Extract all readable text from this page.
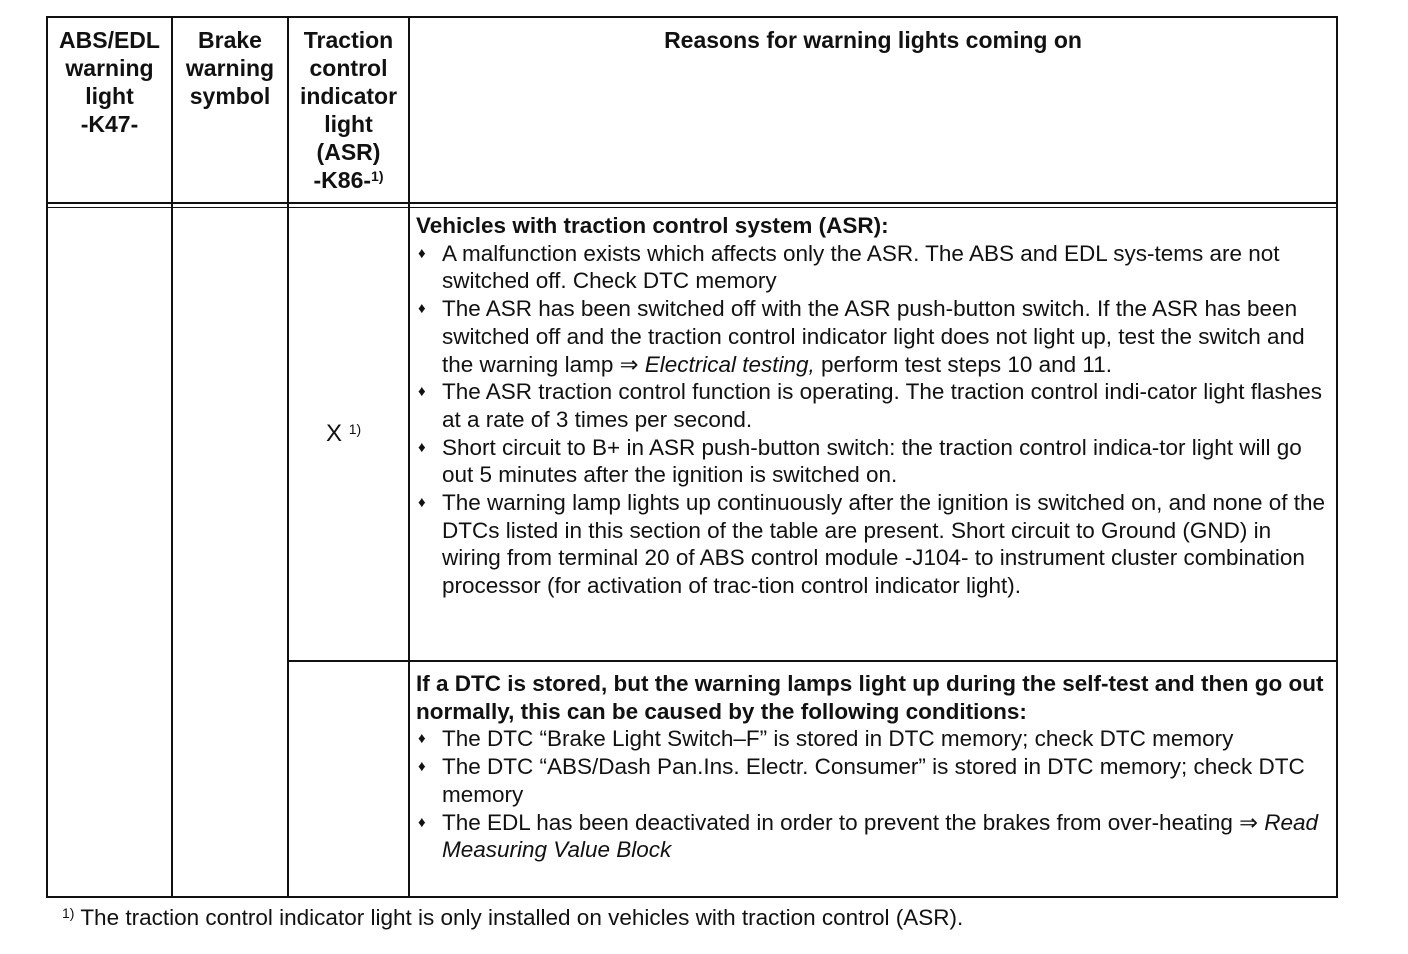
ABS/EDL
warning
light
-K47-
Brake
warning
symbol
Traction
control
indicator
light
(ASR)
-K86-$^{1)}$
Reasons for warning lights coming on
X $^{1)}$
Vehicles with traction control system (ASR):
♦ A malfunction exists which affects only the ASR. The ABS and EDL sys-tems are not switched off. Check DTC memory
♦ The ASR has been switched off with the ASR push-button switch. If the ASR has been switched off and the traction control indicator light does not light up, test the switch and the warning lamp ⇒ Electrical testing, perform test steps 10 and 11.
♦ The ASR traction control function is operating. The traction control indi-cator light flashes at a rate of 3 times per second.
♦ Short circuit to B+ in ASR push-button switch: the traction control indica-tor light will go out 5 minutes after the ignition is switched on.
♦ The warning lamp lights up continuously after the ignition is switched on, and none of the DTCs listed in this section of the table are present. Short circuit to Ground (GND) in wiring from terminal 20 of ABS control module -J104- to instrument cluster combination processor (for activation of trac-tion control indicator light).
If a DTC is stored, but the warning lamps light up during the self-test and then go out normally, this can be caused by the following conditions:
♦ The DTC “Brake Light Switch–F” is stored in DTC memory; check DTC memory
♦ The DTC “ABS/Dash Pan.Ins. Electr. Consumer” is stored in DTC memory; check DTC memory
♦ The EDL has been deactivated in order to prevent the brakes from over-heating ⇒ Read Measuring Value Block
$^{1)}$ The traction control indicator light is only installed on vehicles with traction control (ASR).
